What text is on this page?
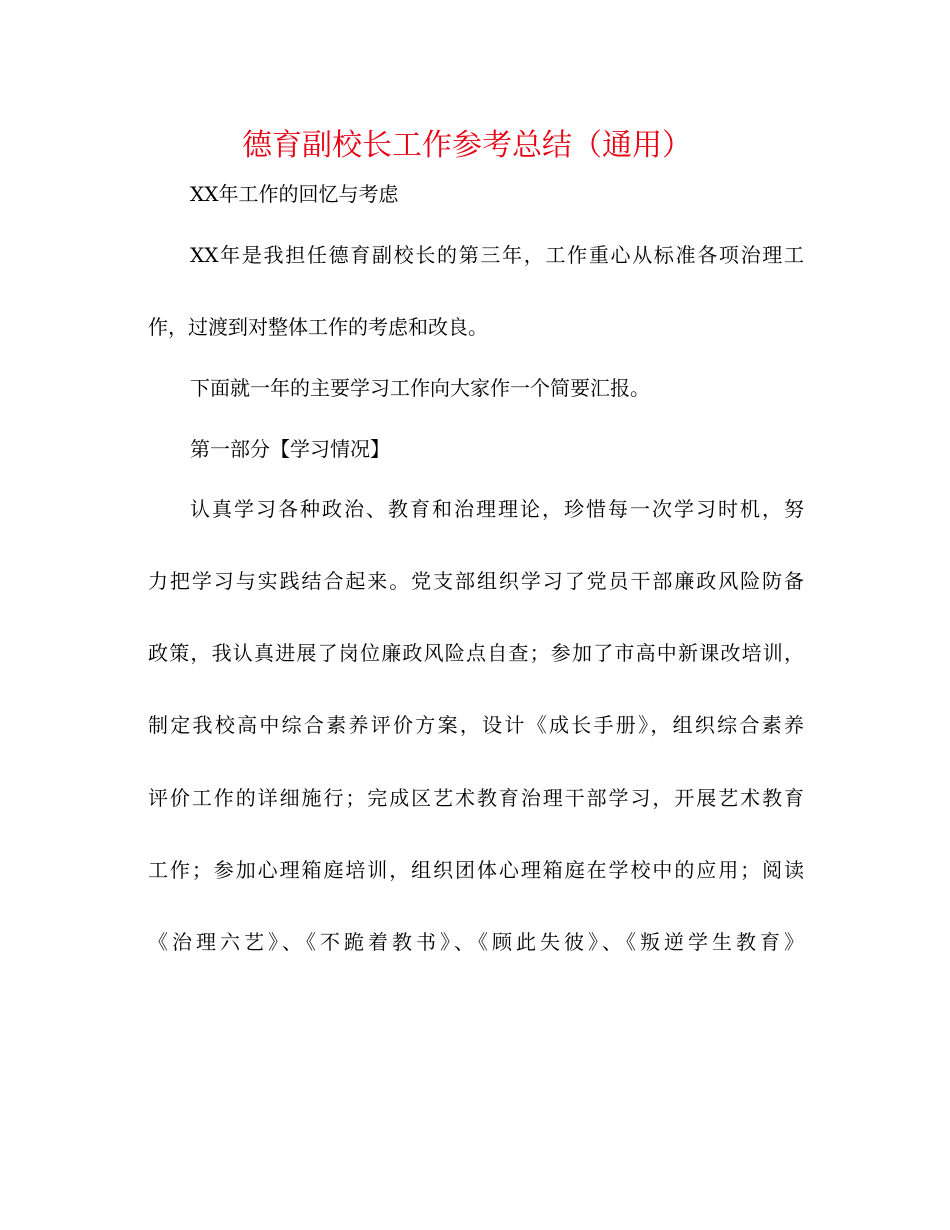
德育副校长工作参考总结（通用）
XX年工作的回忆与考虑
XX年是我担任德育副校长的第三年，工作重心从标准各项治理工
作，过渡到对整体工作的考虑和改良。
下面就一年的主要学习工作向大家作一个简要汇报。
第一部分【学习情况】
认真学习各种政治、教育和治理理论，珍惜每一次学习时机，努
力把学习与实践结合起来。党支部组织学习了党员干部廉政风险防备
政策，我认真进展了岗位廉政风险点自查；参加了市高中新课改培训，
制定我校高中综合素养评价方案，设计《成长手册》，组织综合素养
评价工作的详细施行；完成区艺术教育治理干部学习，开展艺术教育
工作；参加心理箱庭培训，组织团体心理箱庭在学校中的应用；阅读
《治理六艺》、《不跪着教书》、《顾此失彼》、《叛逆学生教育》
